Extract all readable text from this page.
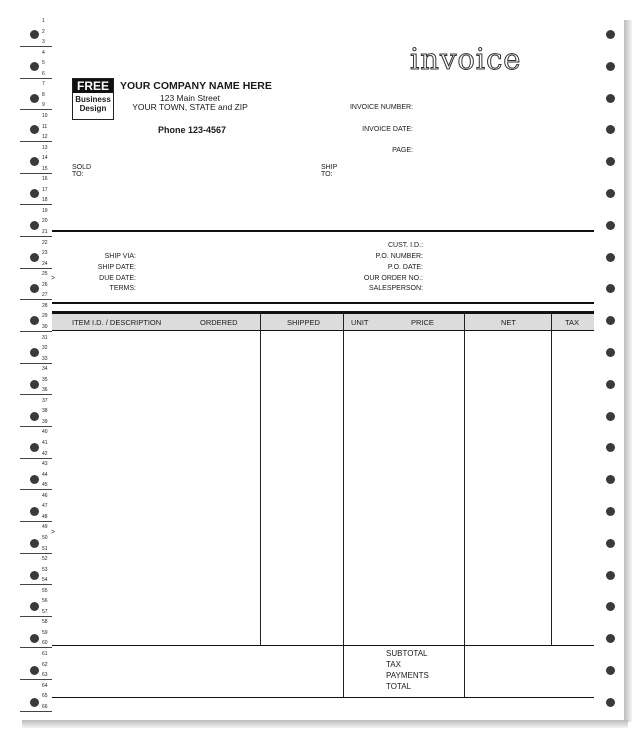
1
2
3
4
5
6
7
8
9
10
11
12
13
14
15
16
17
18
19
20
21
22
23
24
25
26
27
28
29
30
31
32
33
34
35
36
37
38
39
40
41
42
43
44
45
46
47
48
49
50
51
52
53
54
55
56
57
58
59
60
61
62
63
64
65
66
>
>
invoice
FREE
Business
Design
YOUR COMPANY NAME HERE
123 Main Street
YOUR TOWN, STATE and ZIP
Phone 123-4567
INVOICE NUMBER:
INVOICE DATE:
PAGE:
SOLD
TO:
SHIP
TO:
SHIP VIA:
SHIP DATE:
DUE DATE:
TERMS:
CUST. I.D.:
P.O. NUMBER:
P.O. DATE:
OUR ORDER NO.:
SALESPERSON:
ITEM I.D. / DESCRIPTION	ORDERED	SHIPPED	UNIT	PRICE	NET	TAX
SUBTOTAL
TAX
PAYMENTS
TOTAL
